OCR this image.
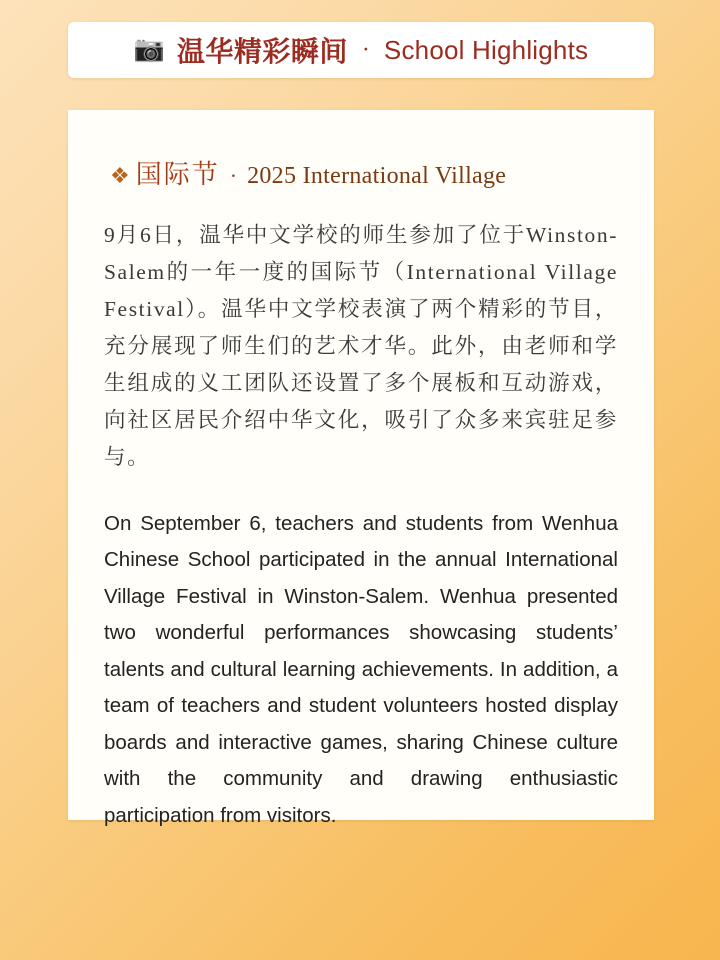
📷 温华精彩瞬间 · School Highlights
❖ 国际节 · 2025 International Village

9月6日，温华中文学校的师生参加了位于Winston-Salem的一年一度的国际节（International Village Festival）。温华中文学校表演了两个精彩的节目，充分展现了师生们的艺术才华。此外，由老师和学生组成的义工团队还设置了多个展板和互动游戏，向社区居民介绍中华文化，吸引了众多来宾驻足参与。

On September 6, teachers and students from Wenhua Chinese School participated in the annual International Village Festival in Winston-Salem. Wenhua presented two wonderful performances showcasing students’ talents and cultural learning achievements. In addition, a team of teachers and student volunteers hosted display boards and interactive games, sharing Chinese culture with the community and drawing enthusiastic participation from visitors.
